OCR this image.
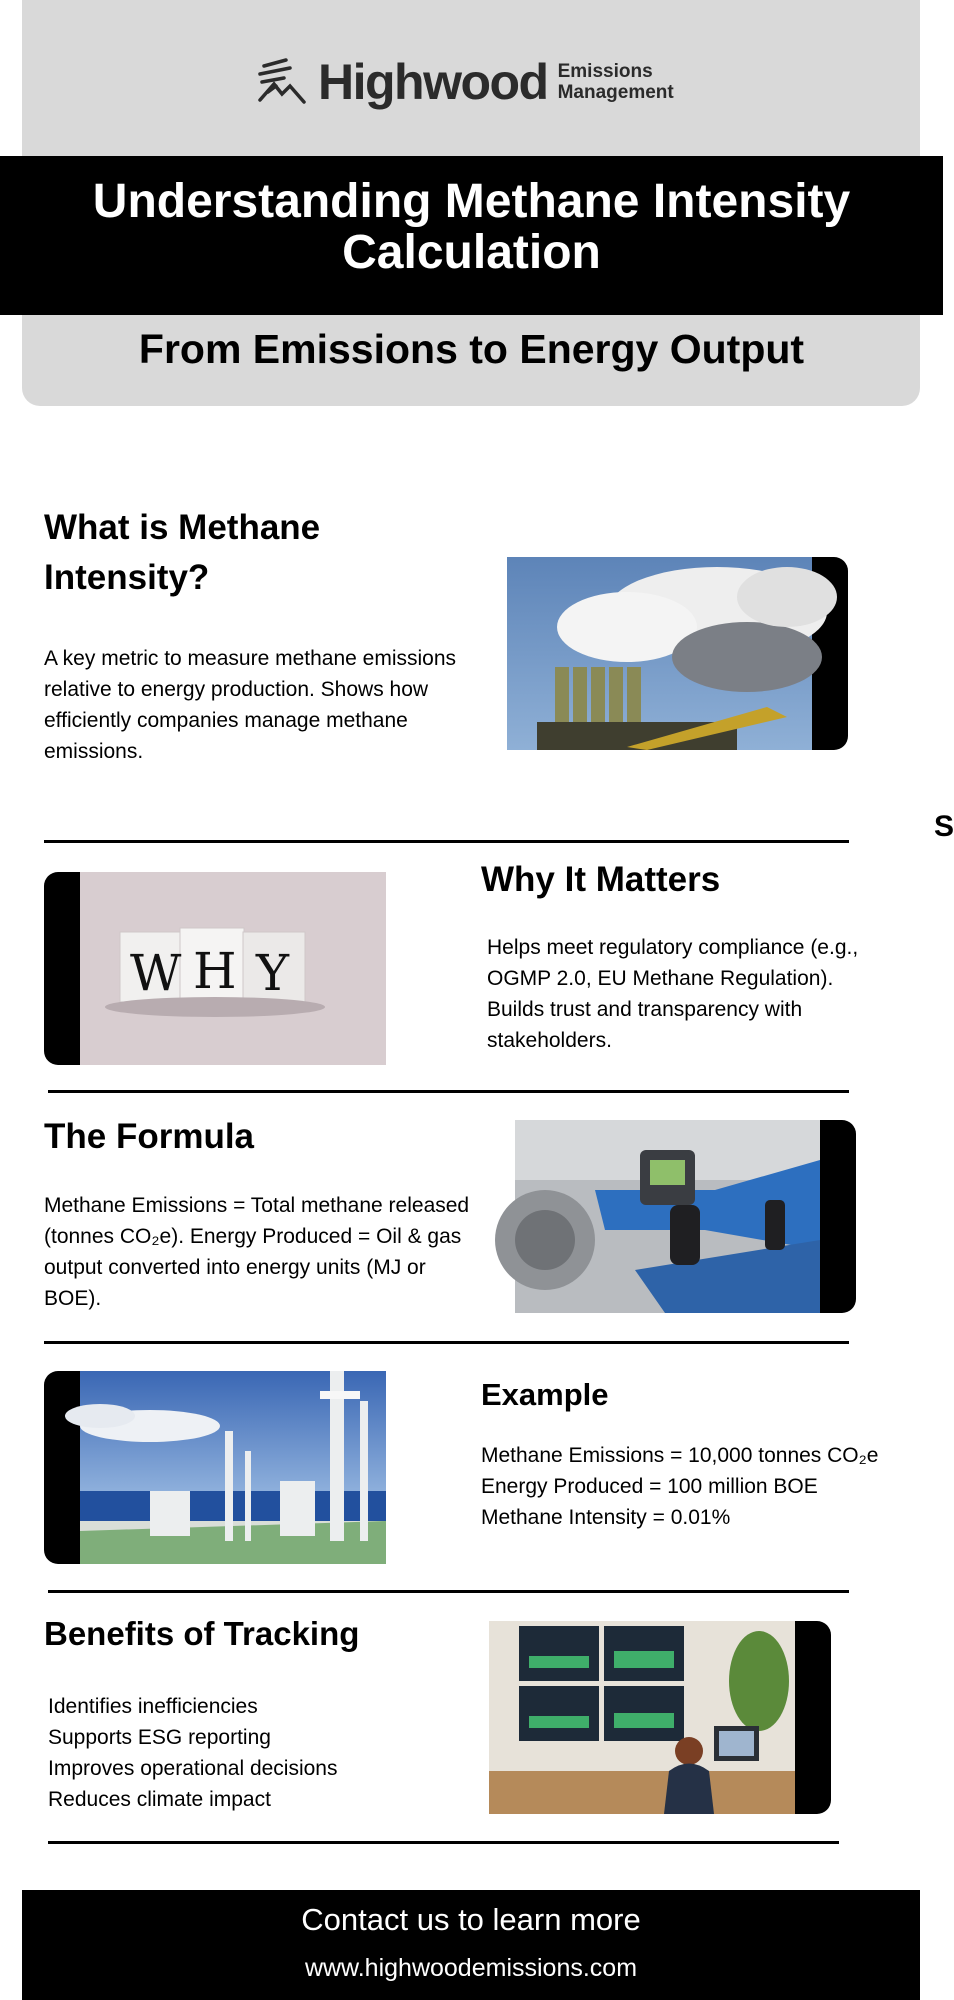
Highwood Emissions
Management
Understanding Methane Intensity Calculation
From Emissions to Energy Output
S
What is Methane Intensity?

A key metric to measure methane emissions relative to energy production. Shows how efficiently companies manage methane emissions.

W H Y
Why It Matters

Helps meet regulatory compliance (e.g., OGMP 2.0, EU Methane Regulation). Builds trust and transparency with stakeholders.

The Formula

Methane Emissions = Total methane released (tonnes CO₂e). Energy Produced = Oil & gas output converted into energy units (MJ or BOE).

Example
Methane Emissions = 10,000 tonnes CO₂e
Energy Produced = 100 million BOE
Methane Intensity = 0.01%
Benefits of Tracking
Identifies inefficiencies
Supports ESG reporting
Improves operational decisions
Reduces climate impact
Contact us to learn more
www.highwoodemissions.com
